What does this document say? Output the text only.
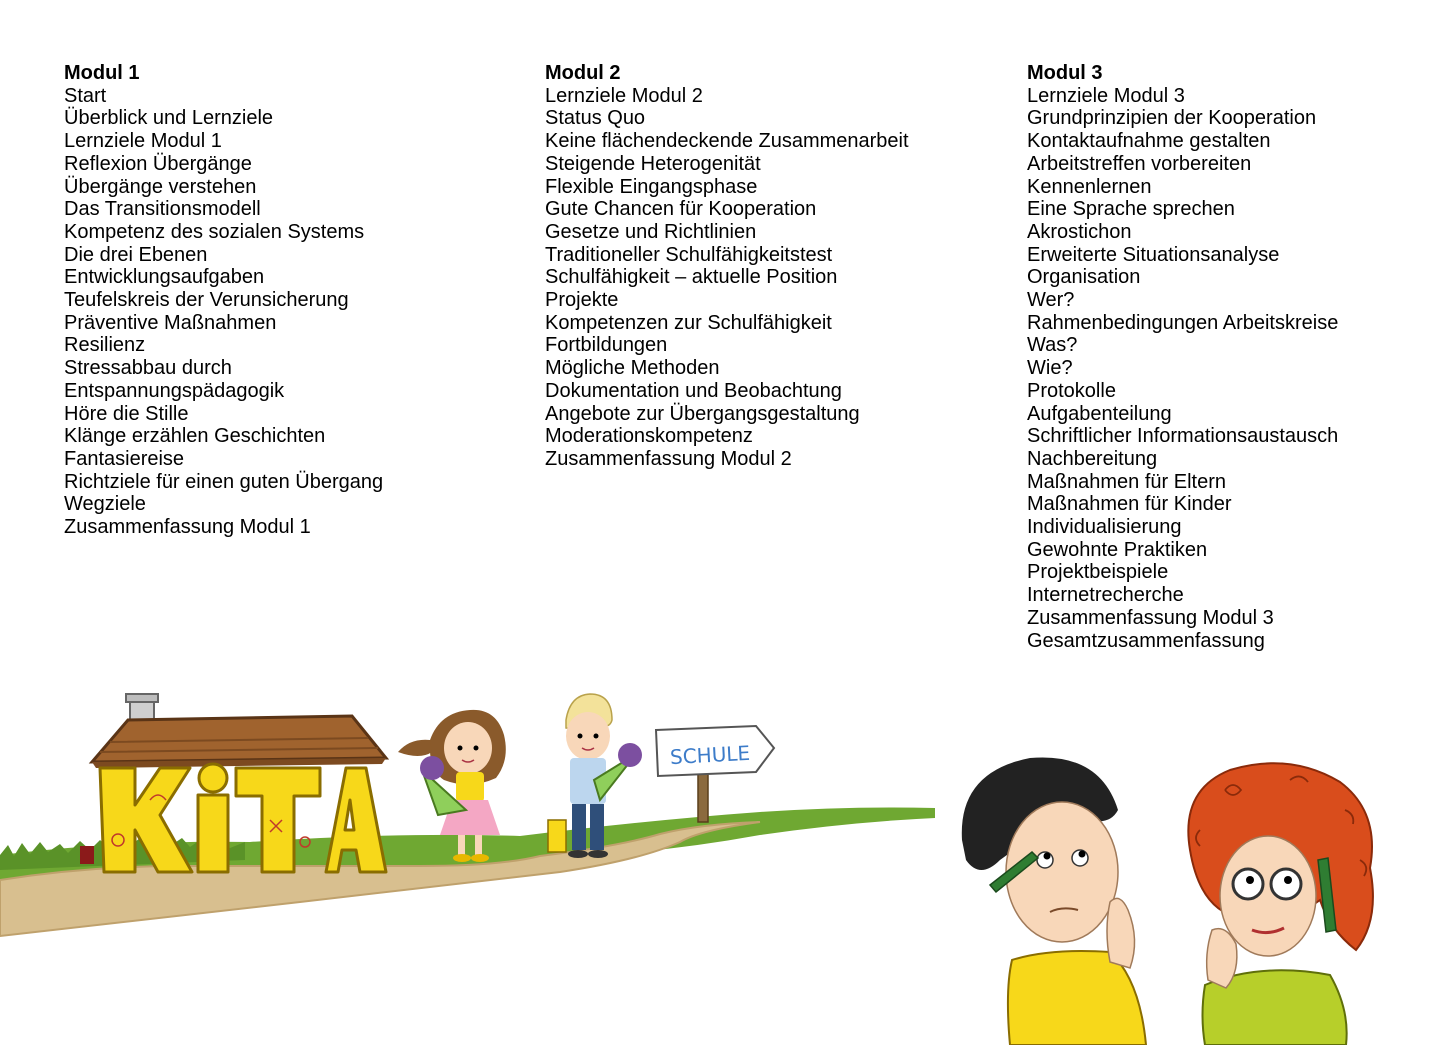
Modul 1
Start
Überblick und Lernziele
Lernziele Modul 1
Reflexion Übergänge
Übergänge verstehen
Das Transitionsmodell
Kompetenz des sozialen Systems
Die drei Ebenen
Entwicklungsaufgaben
Teufelskreis der Verunsicherung
Präventive Maßnahmen
Resilienz
Stressabbau durch
Entspannungspädagogik
Höre die Stille
Klänge erzählen Geschichten
Fantasiereise
Richtziele für einen guten Übergang
Wegziele
Zusammenfassung Modul 1
Modul 2
Lernziele Modul 2
Status Quo
Keine flächendeckende Zusammenarbeit
Steigende Heterogenität
Flexible Eingangsphase
Gute Chancen für Kooperation
Gesetze und Richtlinien
Traditioneller Schulfähigkeitstest
Schulfähigkeit – aktuelle Position
Projekte
Kompetenzen zur Schulfähigkeit
Fortbildungen
Mögliche Methoden
Dokumentation und Beobachtung
Angebote zur Übergangsgestaltung
Moderationskompetenz
Zusammenfassung Modul 2
Modul 3
Lernziele Modul 3
Grundprinzipien der Kooperation
Kontaktaufnahme gestalten
Arbeitstreffen vorbereiten
Kennenlernen
Eine Sprache sprechen
Akrostichon
Erweiterte Situationsanalyse
Organisation
Wer?
Rahmenbedingungen Arbeitskreise
Was?
Wie?
Protokolle
Aufgabenteilung
Schriftlicher Informationsaustausch
Nachbereitung
Maßnahmen für Eltern
Maßnahmen für Kinder
Individualisierung
Gewohnte Praktiken
Projektbeispiele
Internetrecherche
Zusammenfassung Modul 3
Gesamtzusammenfassung
SCHULE
